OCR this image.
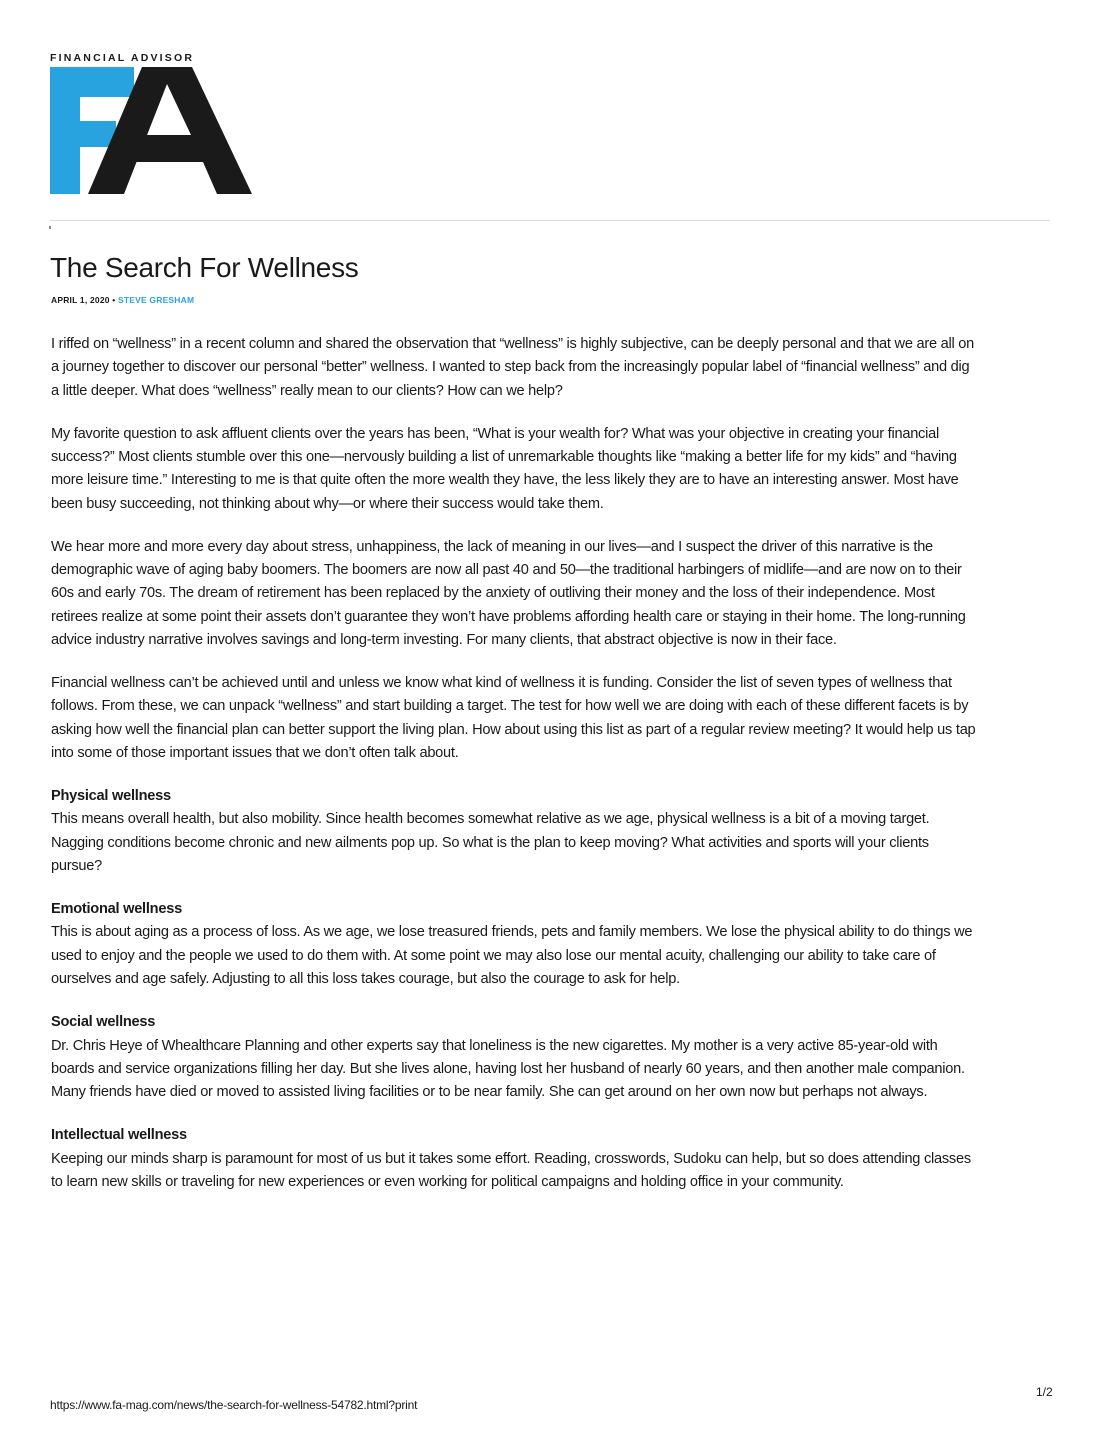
FINANCIAL ADVISOR
The Search For Wellness
APRIL 1, 2020 • STEVE GRESHAM

I riffed on “wellness” in a recent column and shared the observation that “wellness” is highly subjective, can be deeply personal and that we are all on a journey together to discover our personal “better” wellness. I wanted to step back from the increasingly popular label of “financial wellness” and dig a little deeper. What does “wellness” really mean to our clients? How can we help?

My favorite question to ask affluent clients over the years has been, “What is your wealth for? What was your objective in creating your financial success?” Most clients stumble over this one—nervously building a list of unremarkable thoughts like “making a better life for my kids” and “having more leisure time.” Interesting to me is that quite often the more wealth they have, the less likely they are to have an interesting answer. Most have been busy succeeding, not thinking about why—or where their success would take them.

We hear more and more every day about stress, unhappiness, the lack of meaning in our lives—and I suspect the driver of this narrative is the demographic wave of aging baby boomers. The boomers are now all past 40 and 50—the traditional harbingers of midlife—and are now on to their 60s and early 70s. The dream of retirement has been replaced by the anxiety of outliving their money and the loss of their independence. Most retirees realize at some point their assets don’t guarantee they won’t have problems affording health care or staying in their home. The long-running advice industry narrative involves savings and long-term investing. For many clients, that abstract objective is now in their face.

Financial wellness can’t be achieved until and unless we know what kind of wellness it is funding. Consider the list of seven types of wellness that follows. From these, we can unpack “wellness” and start building a target. The test for how well we are doing with each of these different facets is by asking how well the financial plan can better support the living plan. How about using this list as part of a regular review meeting? It would help us tap into some of those important issues that we don’t often talk about.

Physical wellness

This means overall health, but also mobility. Since health becomes somewhat relative as we age, physical wellness is a bit of a moving target. Nagging conditions become chronic and new ailments pop up. So what is the plan to keep moving? What activities and sports will your clients pursue?

Emotional wellness

This is about aging as a process of loss. As we age, we lose treasured friends, pets and family members. We lose the physical ability to do things we used to enjoy and the people we used to do them with. At some point we may also lose our mental acuity, challenging our ability to take care of ourselves and age safely. Adjusting to all this loss takes courage, but also the courage to ask for help.

Social wellness

Dr. Chris Heye of Whealthcare Planning and other experts say that loneliness is the new cigarettes. My mother is a very active 85-year-old with boards and service organizations filling her day. But she lives alone, having lost her husband of nearly 60 years, and then another male companion. Many friends have died or moved to assisted living facilities or to be near family. She can get around on her own now but perhaps not always.

Intellectual wellness

Keeping our minds sharp is paramount for most of us but it takes some effort. Reading, crosswords, Sudoku can help, but so does attending classes to learn new skills or traveling for new experiences or even working for political campaigns and holding office in your community.

https://www.fa-mag.com/news/the-search-for-wellness-54782.html?print
1/2
